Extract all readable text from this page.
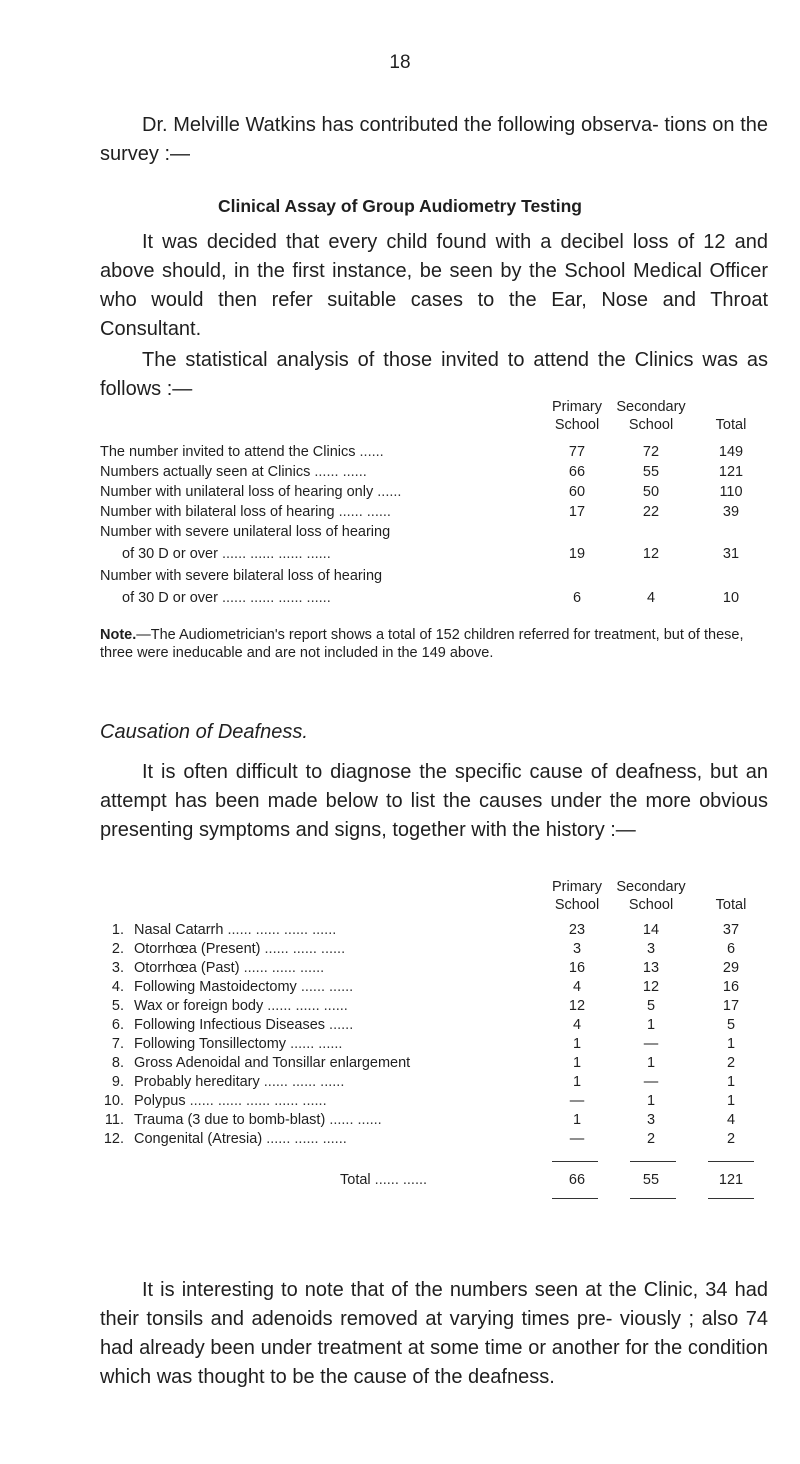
18

Dr. Melville Watkins has contributed the following observa- tions on the survey :—

Clinical Assay of Group Audiometry Testing

It was decided that every child found with a decibel loss of 12 and above should, in the first instance, be seen by the School Medical Officer who would then refer suitable cases to the Ear, Nose and Throat Consultant.

The statistical analysis of those invited to attend the Clinics was as follows :—

Primary
School
Secondary
School	Total
The number invited to attend the Clinics ......	77	72	149
Numbers actually seen at Clinics ...... ......	66	55	121
Number with unilateral loss of hearing only ......	60	50	110
Number with bilateral loss of hearing ...... ......	17	22	39
Number with severe unilateral loss of hearing
of 30 D or over ...... ...... ...... ......	19	12	31
Number with severe bilateral loss of hearing
of 30 D or over ...... ...... ...... ......	6	4	10
Note.—The Audiometrician's report shows a total of 152 children referred for treatment, but of these, three were ineducable and are not included in the 149 above.
Causation of Deafness.

It is often difficult to diagnose the specific cause of deafness, but an attempt has been made below to list the causes under the more obvious presenting symptoms and signs, together with the history :—

Primary
School
Secondary
School	Total
1. Nasal Catarrh ...... ...... ...... ......	23	14	37
2. Otorrhœa (Present) ...... ...... ......	3	3	6
3. Otorrhœa (Past) ...... ...... ......	16	13	29
4. Following Mastoidectomy ...... ......	4	12	16
5. Wax or foreign body ...... ...... ......	12	5	17
6. Following Infectious Diseases ......	4	1	5
7. Following Tonsillectomy ...... ......	1	—	1
8. Gross Adenoidal and Tonsillar enlargement	1	1	2
9. Probably hereditary ...... ...... ......	1	—	1
10. Polypus ...... ...... ...... ...... ......	—	1	1
11. Trauma (3 due to bomb-blast) ...... ......	1	3	4
12. Congenital (Atresia) ...... ...... ......	—	2	2
Total ...... ......	66	55	121

It is interesting to note that of the numbers seen at the Clinic, 34 had their tonsils and adenoids removed at varying times pre- viously ; also 74 had already been under treatment at some time or another for the condition which was thought to be the cause of the deafness.
